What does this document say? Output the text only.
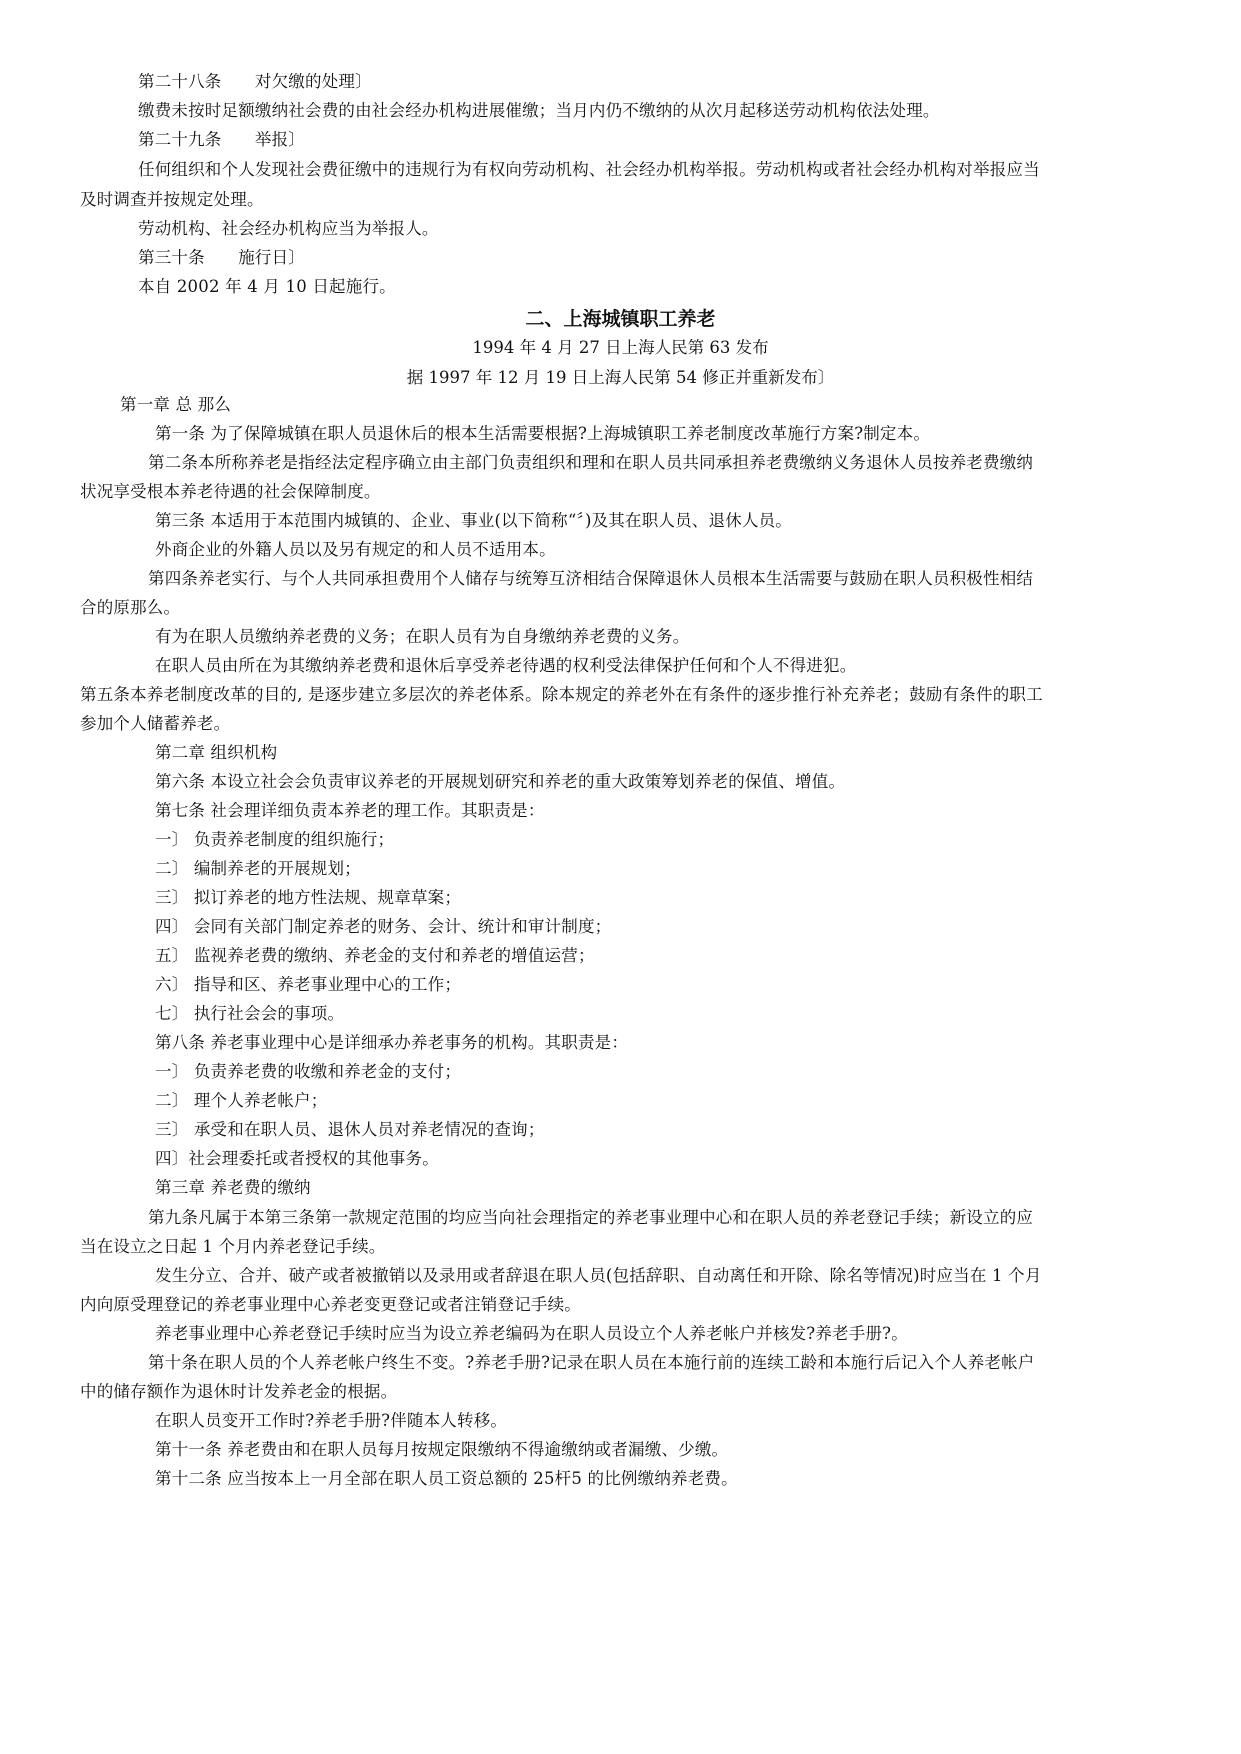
第二十八条　　对欠缴的处理〕
缴费未按时足额缴纳社会费的由社会经办机构进展催缴；当月内仍不缴纳的从次月起移送劳动机构依法处理。
第二十九条　　举报〕
任何组织和个人发现社会费征缴中的违规行为有权向劳动机构、社会经办机构举报。劳动机构或者社会经办机构对举报应当
及时调查并按规定处理。
劳动机构、社会经办机构应当为举报人。
第三十条　　施行日〕
本自 2002 年 4 月 10 日起施行。
二、上海城镇职工养老
1994 年 4 月 27 日上海人民第 63 发布
据 1997 年 12 月 19 日上海人民第 54 修正并重新发布〕
第一章 总 那么
第一条 为了保障城镇在职人员退休后的根本生活需要根据?上海城镇职工养老制度改革施行方案?制定本。
第二条本所称养老是指经法定程序确立由主部门负责组织和理和在职人员共同承担养老费缴纳义务退休人员按养老费缴纳
状况享受根本养老待遇的社会保障制度。
第三条 本适用于本范围内城镇的、企业、事业(以下简称“〞)及其在职人员、退休人员。
外商企业的外籍人员以及另有规定的和人员不适用本。
第四条养老实行、与个人共同承担费用个人储存与统筹互济相结合保障退休人员根本生活需要与鼓励在职人员积极性相结
合的原那么。
有为在职人员缴纳养老费的义务；在职人员有为自身缴纳养老费的义务。
在职人员由所在为其缴纳养老费和退休后享受养老待遇的权利受法律保护任何和个人不得进犯。
第五条本养老制度改革的目的, 是逐步建立多层次的养老体系。除本规定的养老外在有条件的逐步推行补充养老；鼓励有条件的职工
参加个人储蓄养老。
第二章 组织机构
第六条 本设立社会会负责审议养老的开展规划研究和养老的重大政策筹划养老的保值、增值。
第七条 社会理详细负责本养老的理工作。其职责是：
一〕 负责养老制度的组织施行；
二〕 编制养老的开展规划；
三〕 拟订养老的地方性法规、规章草案；
四〕 会同有关部门制定养老的财务、会计、统计和审计制度；
五〕 监视养老费的缴纳、养老金的支付和养老的增值运营；
六〕 指导和区、养老事业理中心的工作；
七〕 执行社会会的事项。
第八条 养老事业理中心是详细承办养老事务的机构。其职责是：
一〕 负责养老费的收缴和养老金的支付；
二〕 理个人养老帐户；
三〕 承受和在职人员、退休人员对养老情况的查询；
四〕社会理委托或者授权的其他事务。
第三章 养老费的缴纳
第九条凡属于本第三条第一款规定范围的均应当向社会理指定的养老事业理中心和在职人员的养老登记手续；新设立的应
当在设立之日起 1 个月内养老登记手续。
发生分立、合并、破产或者被撤销以及录用或者辞退在职人员(包括辞职、自动离任和开除、除名等情况)时应当在 1 个月
内向原受理登记的养老事业理中心养老变更登记或者注销登记手续。
养老事业理中心养老登记手续时应当为设立养老编码为在职人员设立个人养老帐户并核发?养老手册?。
第十条在职人员的个人养老帐户终生不变。?养老手册?记录在职人员在本施行前的连续工龄和本施行后记入个人养老帐户
中的储存额作为退休时计发养老金的根据。
在职人员变开工作时?养老手册?伴随本人转移。
第十一条 养老费由和在职人员每月按规定限缴纳不得逾缴纳或者漏缴、少缴。
第十二条 应当按本上一月全部在职人员工资总额的 25杆5 的比例缴纳养老费。
